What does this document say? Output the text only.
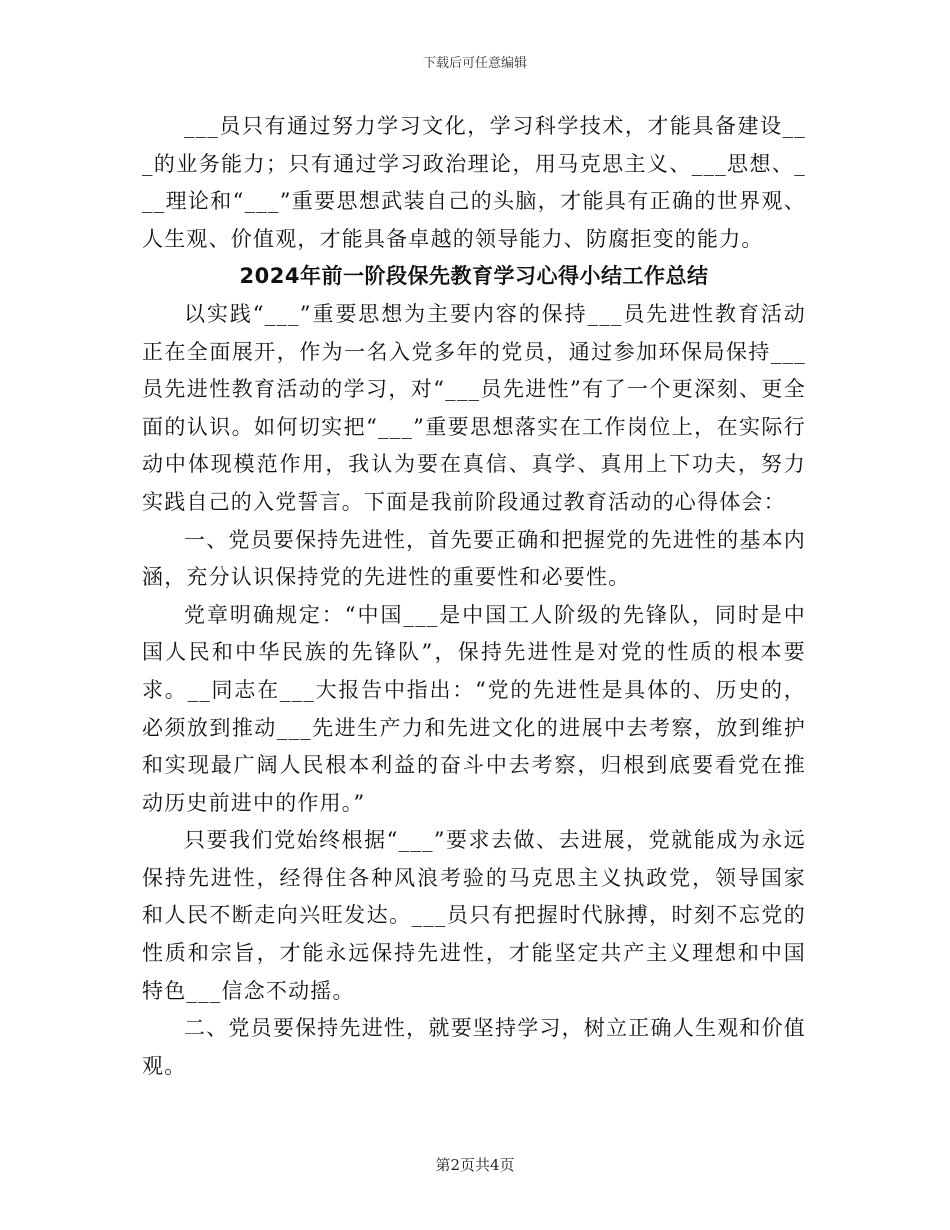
下载后可任意编辑

___员只有通过努力学习文化，学习科学技术，才能具备建设___的业务能力；只有通过学习政治理论，用马克思主义、___思想、___理论和“___”重要思想武装自己的头脑，才能具有正确的世界观、人生观、价值观，才能具备卓越的领导能力、防腐拒变的能力。

2024年前一阶段保先教育学习心得小结工作总结

以实践“___”重要思想为主要内容的保持___员先进性教育活动正在全面展开，作为一名入党多年的党员，通过参加环保局保持___员先进性教育活动的学习，对“___员先进性”有了一个更深刻、更全面的认识。如何切实把“___”重要思想落实在工作岗位上，在实际行动中体现模范作用，我认为要在真信、真学、真用上下功夫，努力实践自己的入党誓言。下面是我前阶段通过教育活动的心得体会：

一、党员要保持先进性，首先要正确和把握党的先进性的基本内涵，充分认识保持党的先进性的重要性和必要性。

党章明确规定：“中国___是中国工人阶级的先锋队，同时是中国人民和中华民族的先锋队”，保持先进性是对党的性质的根本要求。__同志在___大报告中指出：“党的先进性是具体的、历史的，必须放到推动___先进生产力和先进文化的进展中去考察，放到维护和实现最广阔人民根本利益的奋斗中去考察，归根到底要看党在推动历史前进中的作用。”

只要我们党始终根据“___”要求去做、去进展，党就能成为永远保持先进性，经得住各种风浪考验的马克思主义执政党，领导国家和人民不断走向兴旺发达。___员只有把握时代脉搏，时刻不忘党的性质和宗旨，才能永远保持先进性，才能坚定共产主义理想和中国特色___信念不动摇。

二、党员要保持先进性，就要坚持学习，树立正确人生观和价值观。

第2页共4页
